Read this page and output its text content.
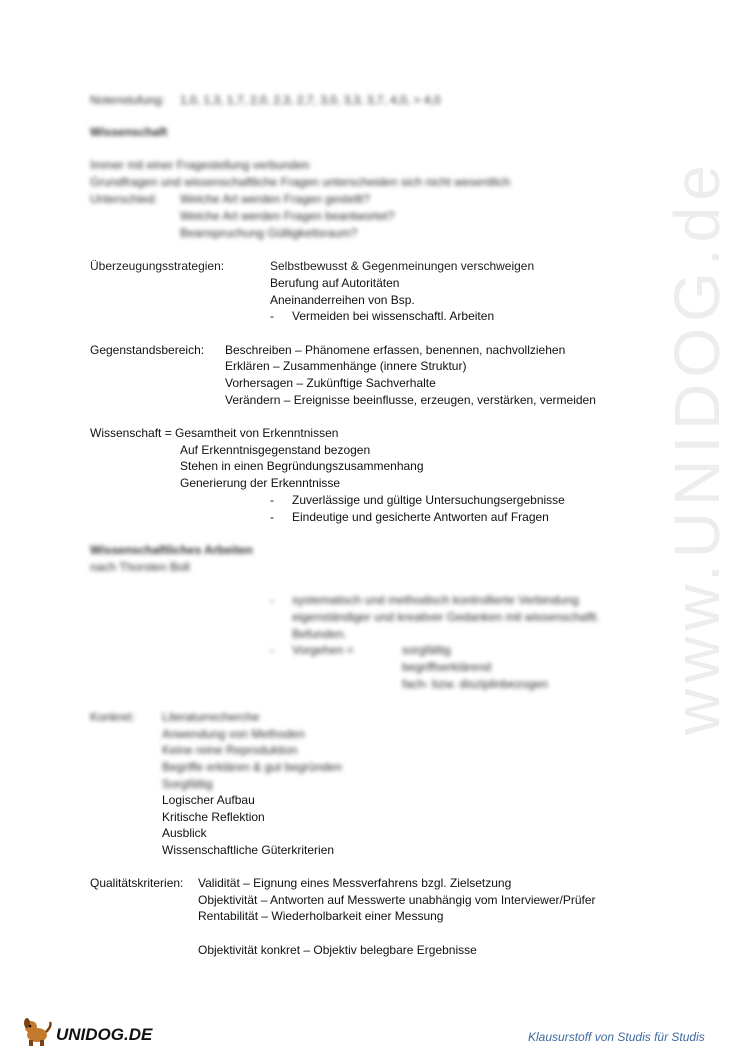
www.UNIDOG.de
Notenstufung: 1,0, 1,3, 1,7, 2,0, 2,3, 2,7, 3,0, 3,3, 3,7, 4,0, > 4,0
Wissenschaft
Immer mit einer Fragestellung verbunden
Grundfragen und wissenschaftliche Fragen unterscheiden sich nicht wesentlich
Unterschied: Welche Art werden Fragen gestellt?
Welche Art werden Fragen beantwortet?
Beanspruchung Gültigkeitsraum?
Überzeugungsstrategien:	Selbstbewusst & Gegenmeinungen verschweigen
Berufung auf Autoritäten
Aneinanderreihen von Bsp.
- Vermeiden bei wissenschaftl. Arbeiten
Gegenstandsbereich: Beschreiben – Phänomene erfassen, benennen, nachvollziehen
Erklären – Zusammenhänge (innere Struktur)
Vorhersagen – Zukünftige Sachverhalte
Verändern – Ereignisse beeinflusse, erzeugen, verstärken, vermeiden
Wissenschaft = Gesamtheit von Erkenntnissen
Auf Erkenntnisgegenstand bezogen
Stehen in einen Begründungszusammenhang
Generierung der Erkenntnisse
- Zuverlässige und gültige Untersuchungsergebnisse
- Eindeutige und gesicherte Antworten auf Fragen
Wissenschaftliches Arbeiten
nach Thorsten Boll
- systematisch und methodisch kontrollierte Verbindung
eigenständiger und kreativer Gedanken mit wissenschaftl.
Befunden.
- Vorgehen =	sorgfältig
begriffserklärend
fach- bzw. disziplinbezogen
Konkret: Literaturrecherche
Anwendung von Methoden
Keine reine Reproduktion
Begriffe erklären & gut begründen
Sorgfältig
Logischer Aufbau
Kritische Reflektion
Ausblick
Wissenschaftliche Güterkriterien
Qualitätskriterien: Validität – Eignung eines Messverfahrens bzgl. Zielsetzung
Objektivität – Antworten auf Messwerte unabhängig vom Interviewer/Prüfer
Rentabilität – Wiederholbarkeit einer Messung
Objektivität konkret – Objektiv belegbare Ergebnisse
UNIDOG.DE	Klausurstoff von Studis für Studis
